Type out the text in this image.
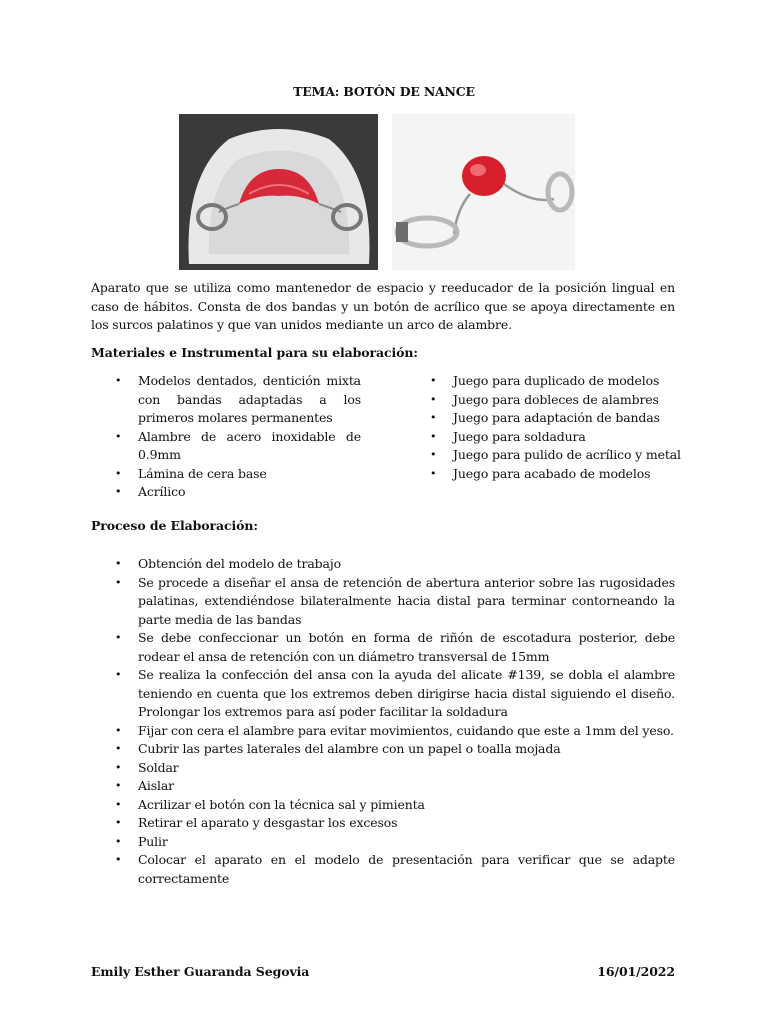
TEMA: BOTÓN DE NANCE
Aparato que se utiliza como mantenedor de espacio y reeducador de la posición lingual en caso de hábitos. Consta de dos bandas y un botón de acrílico que se apoya directamente en los surcos palatinos y que van unidos mediante un arco de alambre.
Materiales e Instrumental para su elaboración:
• Modelos dentados, dentición mixta con bandas adaptadas a los primeros molares permanentes
• Alambre de acero inoxidable de 0.9mm
• Lámina de cera base
• Acrílico
• Juego para duplicado de modelos
• Juego para dobleces de alambres
• Juego para adaptación de bandas
• Juego para soldadura
• Juego para pulido de acrílico y metal
• Juego para acabado de modelos
Proceso de Elaboración:
• Obtención del modelo de trabajo
• Se procede a diseñar el ansa de retención de abertura anterior sobre las rugosidades palatinas, extendiéndose bilateralmente hacia distal para terminar contorneando la parte media de las bandas
• Se debe confeccionar un botón en forma de riñón de escotadura posterior, debe rodear el ansa de retención con un diámetro transversal de 15mm
• Se realiza la confección del ansa con la ayuda del alicate #139, se dobla el alambre teniendo en cuenta que los extremos deben dirigirse hacia distal siguiendo el diseño. Prolongar los extremos para así poder facilitar la soldadura
• Fijar con cera el alambre para evitar movimientos, cuidando que este a 1mm del yeso.
• Cubrir las partes laterales del alambre con un papel o toalla mojada
• Soldar
• Aislar
• Acrilizar el botón con la técnica sal y pimienta
• Retirar el aparato y desgastar los excesos
• Pulir
• Colocar el aparato en el modelo de presentación para verificar que se adapte correctamente
Emily Esther Guaranda Segovia	16/01/2022
